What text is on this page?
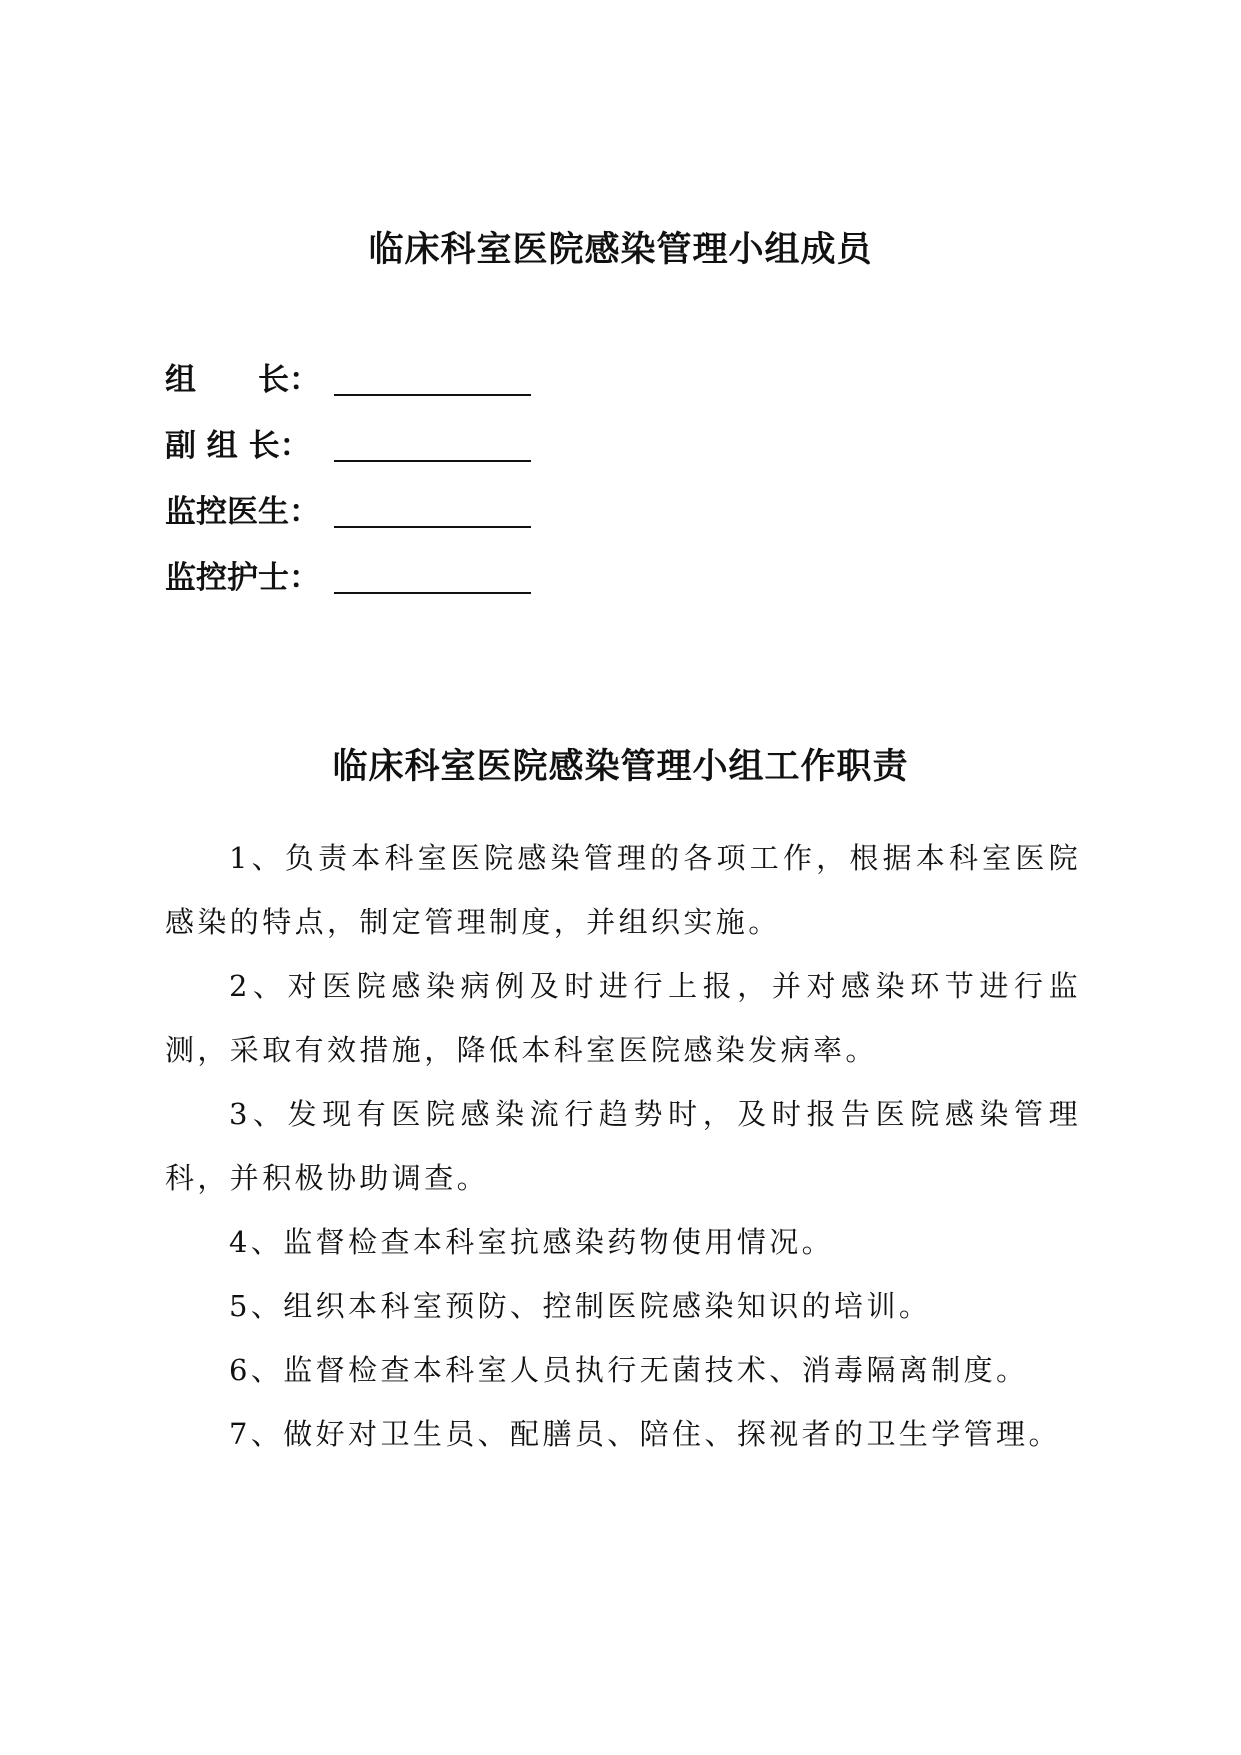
临床科室医院感染管理小组成员
组　　长：
副 组 长：
监控医生：
监控护士：
临床科室医院感染管理小组工作职责

1、负责本科室医院感染管理的各项工作，根据本科室医院感染的特点，制定管理制度，并组织实施。

2、对医院感染病例及时进行上报，并对感染环节进行监测，采取有效措施，降低本科室医院感染发病率。

3、发现有医院感染流行趋势时，及时报告医院感染管理科，并积极协助调查。

4、监督检查本科室抗感染药物使用情况。

5、组织本科室预防、控制医院感染知识的培训。

6、监督检查本科室人员执行无菌技术、消毒隔离制度。

7、做好对卫生员、配膳员、陪住、探视者的卫生学管理。
